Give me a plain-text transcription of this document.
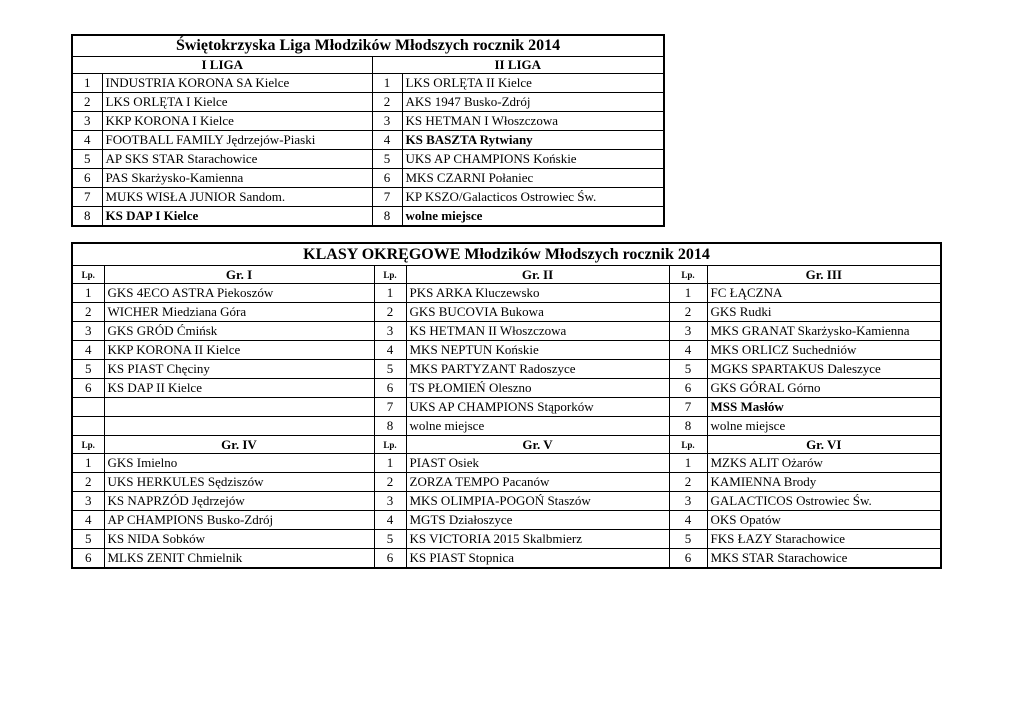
Świętokrzyska Liga Młodzików Młodszych rocznik 2014			
I LIGA		II LIGA	
1	INDUSTRIA KORONA SA Kielce	1	LKS ORLĘTA II Kielce
2	LKS ORLĘTA I Kielce	2	AKS 1947 Busko-Zdrój
3	KKP KORONA I Kielce	3	KS HETMAN I Włoszczowa
4	FOOTBALL FAMILY Jędrzejów-Piaski	4	KS BASZTA Rytwiany
5	AP SKS STAR Starachowice	5	UKS AP CHAMPIONS Końskie
6	PAS Skarżysko-Kamienna	6	MKS CZARNI Połaniec
7	MUKS WISŁA JUNIOR Sandom.	7	KP KSZO/Galacticos Ostrowiec Św.
8	KS DAP I Kielce	8	wolne miejsce
KLASY OKRĘGOWE Młodzików Młodszych rocznik 2014					
Lp.	Gr. I	Lp.	Gr. II	Lp.	Gr. III
1	GKS 4ECO ASTRA Piekoszów	1	PKS ARKA Kluczewsko	1	FC ŁĄCZNA
2	WICHER Miedziana Góra	2	GKS BUCOVIA Bukowa	2	GKS Rudki
3	GKS GRÓD Ćmińsk	3	KS HETMAN II Włoszczowa	3	MKS GRANAT Skarżysko-Kamienna
4	KKP KORONA II Kielce	4	MKS NEPTUN Końskie	4	MKS ORLICZ Suchedniów
5	KS PIAST Chęciny	5	MKS PARTYZANT Radoszyce	5	MGKS SPARTAKUS Daleszyce
6	KS DAP II Kielce	6	TS PŁOMIEŃ Oleszno	6	GKS GÓRAL Górno
		7	UKS AP CHAMPIONS Stąporków	7	MSS Masłów
		8	wolne miejsce	8	wolne miejsce
Lp.	Gr. IV	Lp.	Gr. V	Lp.	Gr. VI
1	GKS Imielno	1	PIAST Osiek	1	MZKS ALIT Ożarów
2	UKS HERKULES Sędziszów	2	ZORZA TEMPO Pacanów	2	KAMIENNA Brody
3	KS NAPRZÓD Jędrzejów	3	MKS OLIMPIA-POGOŃ Staszów	3	GALACTICOS Ostrowiec Św.
4	AP CHAMPIONS Busko-Zdrój	4	MGTS Działoszyce	4	OKS Opatów
5	KS NIDA Sobków	5	KS VICTORIA 2015 Skalbmierz	5	FKS ŁAZY Starachowice
6	MLKS ZENIT Chmielnik	6	KS PIAST Stopnica	6	MKS STAR Starachowice
